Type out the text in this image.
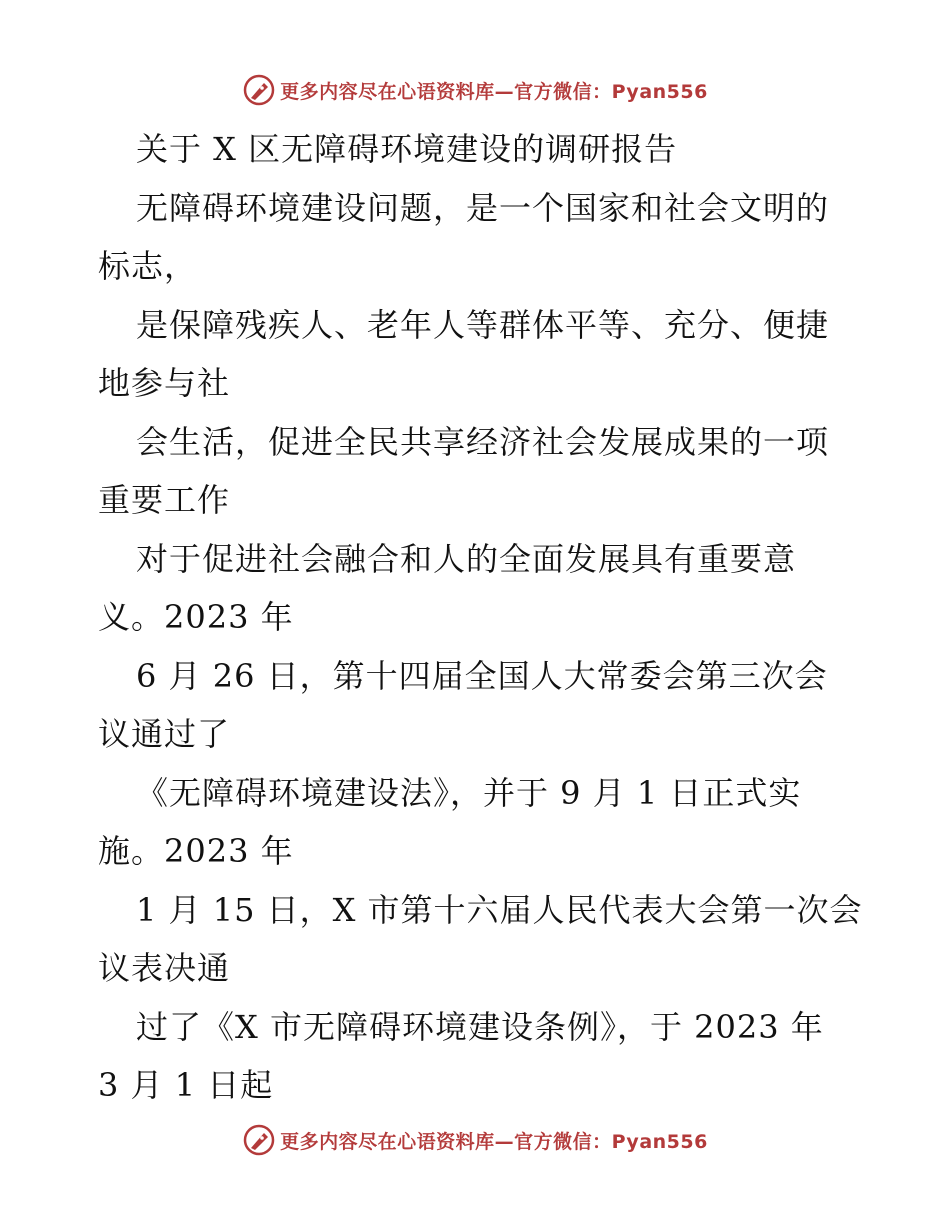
更多内容尽在心语资料库—官方微信：Pyan556
关于 X 区无障碍环境建设的调研报告
无障碍环境建设问题，是一个国家和社会文明的
标志，
是保障残疾人、老年人等群体平等、充分、便捷
地参与社
会生活，促进全民共享经济社会发展成果的一项
重要工作
对于促进社会融合和人的全面发展具有重要意
义。2023 年
6 月 26 日，第十四届全国人大常委会第三次会
议通过了
《无障碍环境建设法》，并于 9 月 1 日正式实
施。2023 年
1 月 15 日，X 市第十六届人民代表大会第一次会
议表决通
过了《X 市无障碍环境建设条例》，于 2023 年
3 月 1 日起
更多内容尽在心语资料库—官方微信：Pyan556
